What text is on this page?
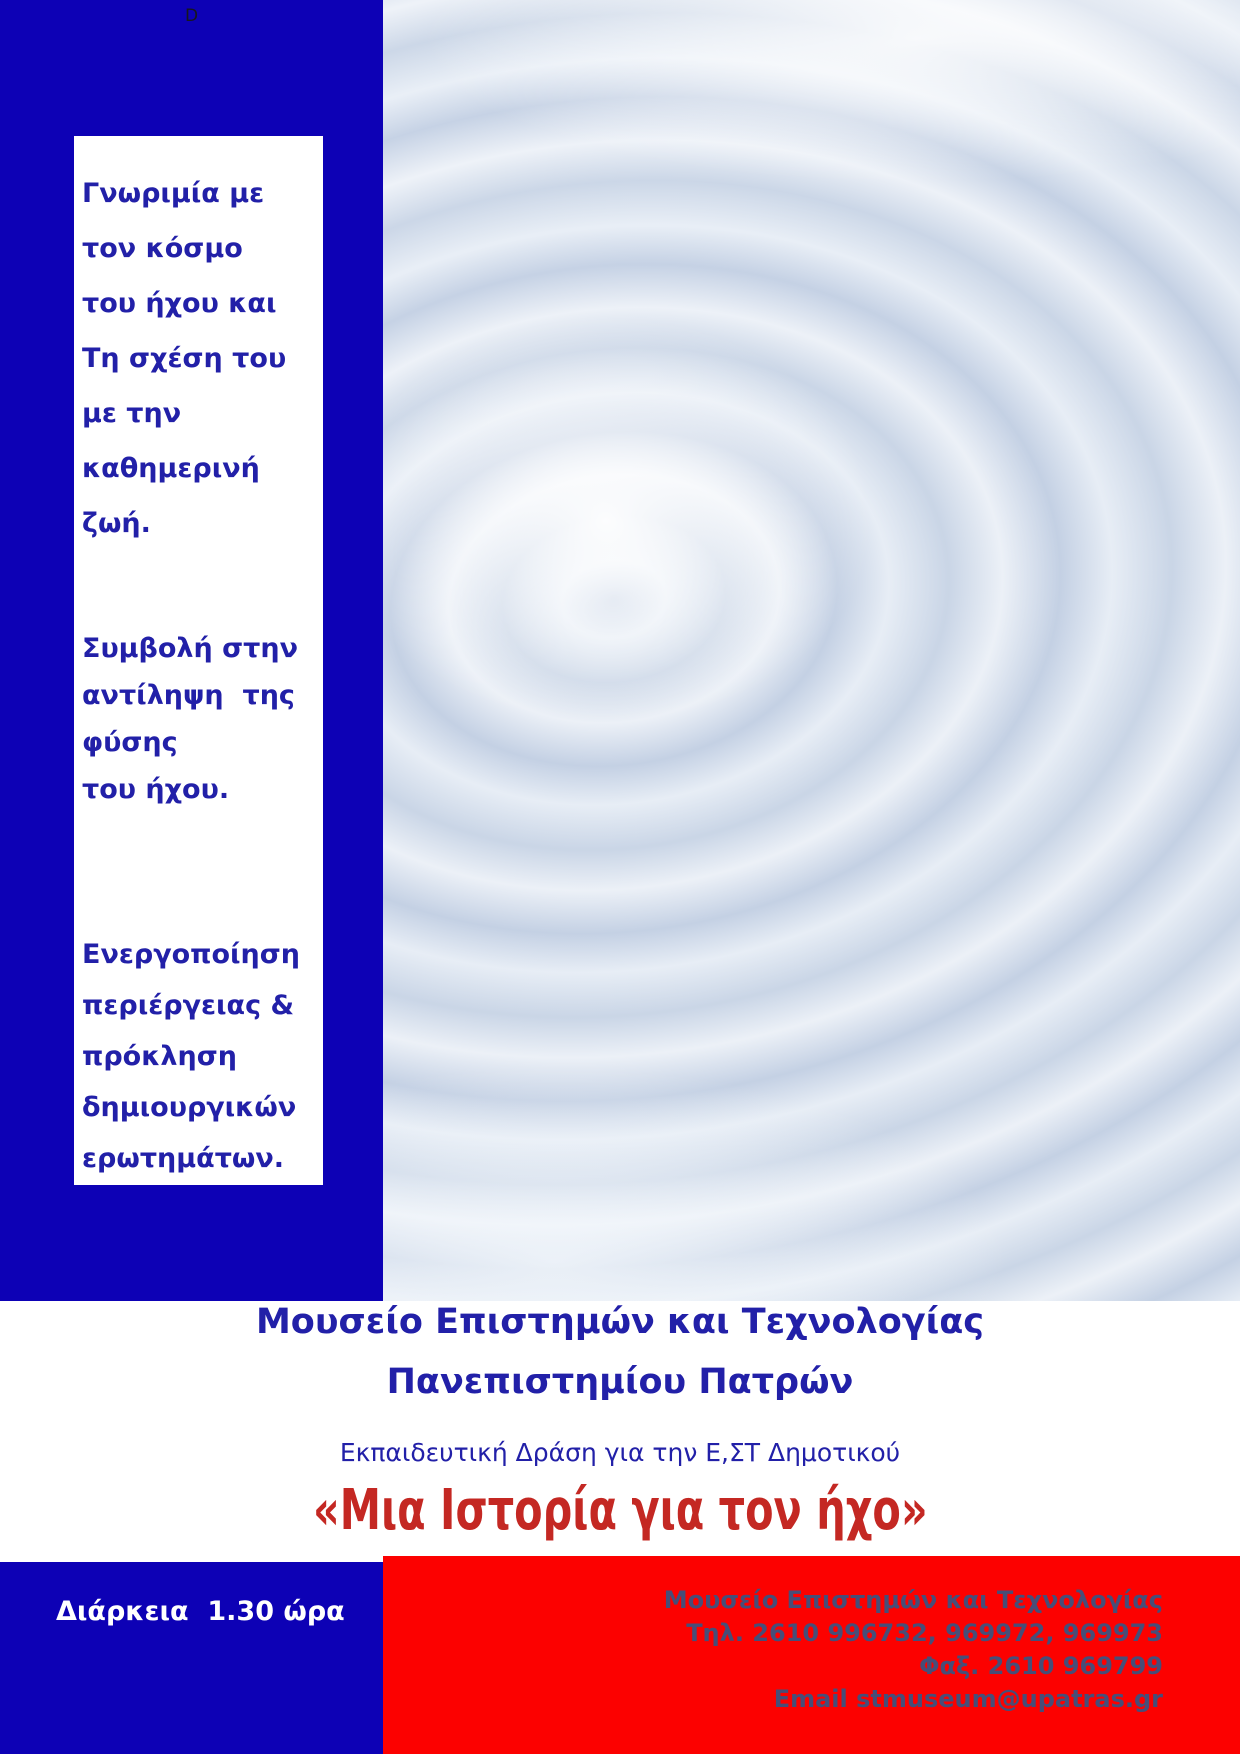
D
Γνωριμία με
τον κόσμο
του ήχου και
Τη σχέση του
με την
καθημερινή
ζωή.
Συμβολή στην
αντίληψη  της
φύσης
του ήχου.
Ενεργοποίηση
περιέργειας &
πρόκληση
δημιουργικών
ερωτημάτων.
Μουσείο Επιστημών και Τεχνολογίας
Πανεπιστημίου Πατρών
Εκπαιδευτική Δράση για την Ε,ΣΤ Δημοτικού
«Μια Ιστορία για τον ήχο»
Μουσείο Επιστημών και Τεχνολογίας
Τηλ. 2610 996732, 969972, 969973
Φαξ. 2610 969799
Email stmuseum@upatras.gr
Διάρκεια  1.30 ώρα
